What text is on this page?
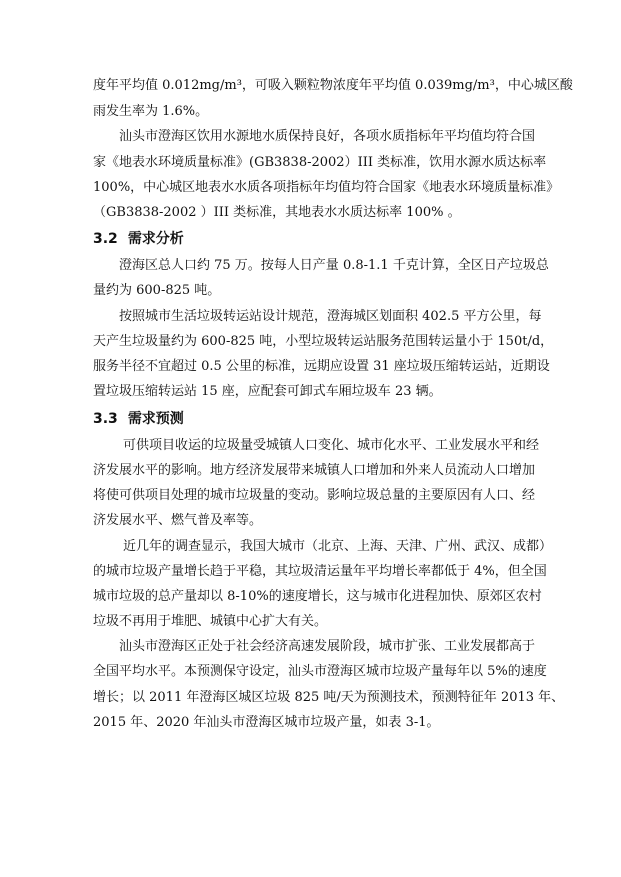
度年平均值 0.012mg/m³，可吸入颗粒物浓度年平均值 0.039mg/m³，中心城区酸
雨发生率为 1.6%。
汕头市澄海区饮用水源地水质保持良好，各项水质指标年平均值均符合国
家《地表水环境质量标准》(GB3838-2002）III 类标准，饮用水源水质达标率
100%，中心城区地表水水质各项指标年均值均符合国家《地表水环境质量标准》
（GB3838-2002 ）III 类标准，其地表水水质达标率 100% 。
3.2 需求分析
澄海区总人口约 75 万。按每人日产量 0.8-1.1 千克计算，全区日产垃圾总
量约为 600-825 吨。
按照城市生活垃圾转运站设计规范，澄海城区划面积 402.5 平方公里，每
天产生垃圾量约为 600-825 吨，小型垃圾转运站服务范围转运量小于 150t/d，
服务半径不宜超过 0.5 公里的标准，远期应设置 31 座垃圾压缩转运站，近期设
置垃圾压缩转运站 15 座，应配套可卸式车厢垃圾车 23 辆。
3.3 需求预测
可供项目收运的垃圾量受城镇人口变化、城市化水平、工业发展水平和经
济发展水平的影响。地方经济发展带来城镇人口增加和外来人员流动人口增加
将使可供项目处理的城市垃圾量的变动。影响垃圾总量的主要原因有人口、经
济发展水平、燃气普及率等。
近几年的调查显示，我国大城市（北京、上海、天津、广州、武汉、成都）
的城市垃圾产量增长趋于平稳，其垃圾清运量年平均增长率都低于 4%，但全国
城市垃圾的总产量却以 8-10%的速度增长，这与城市化进程加快、原郊区农村
垃圾不再用于堆肥、城镇中心扩大有关。
汕头市澄海区正处于社会经济高速发展阶段，城市扩张、工业发展都高于
全国平均水平。本预测保守设定，汕头市澄海区城市垃圾产量每年以 5%的速度
增长；以 2011 年澄海区城区垃圾 825 吨/天为预测技术，预测特征年 2013 年、
2015 年、2020 年汕头市澄海区城市垃圾产量，如表 3-1。
